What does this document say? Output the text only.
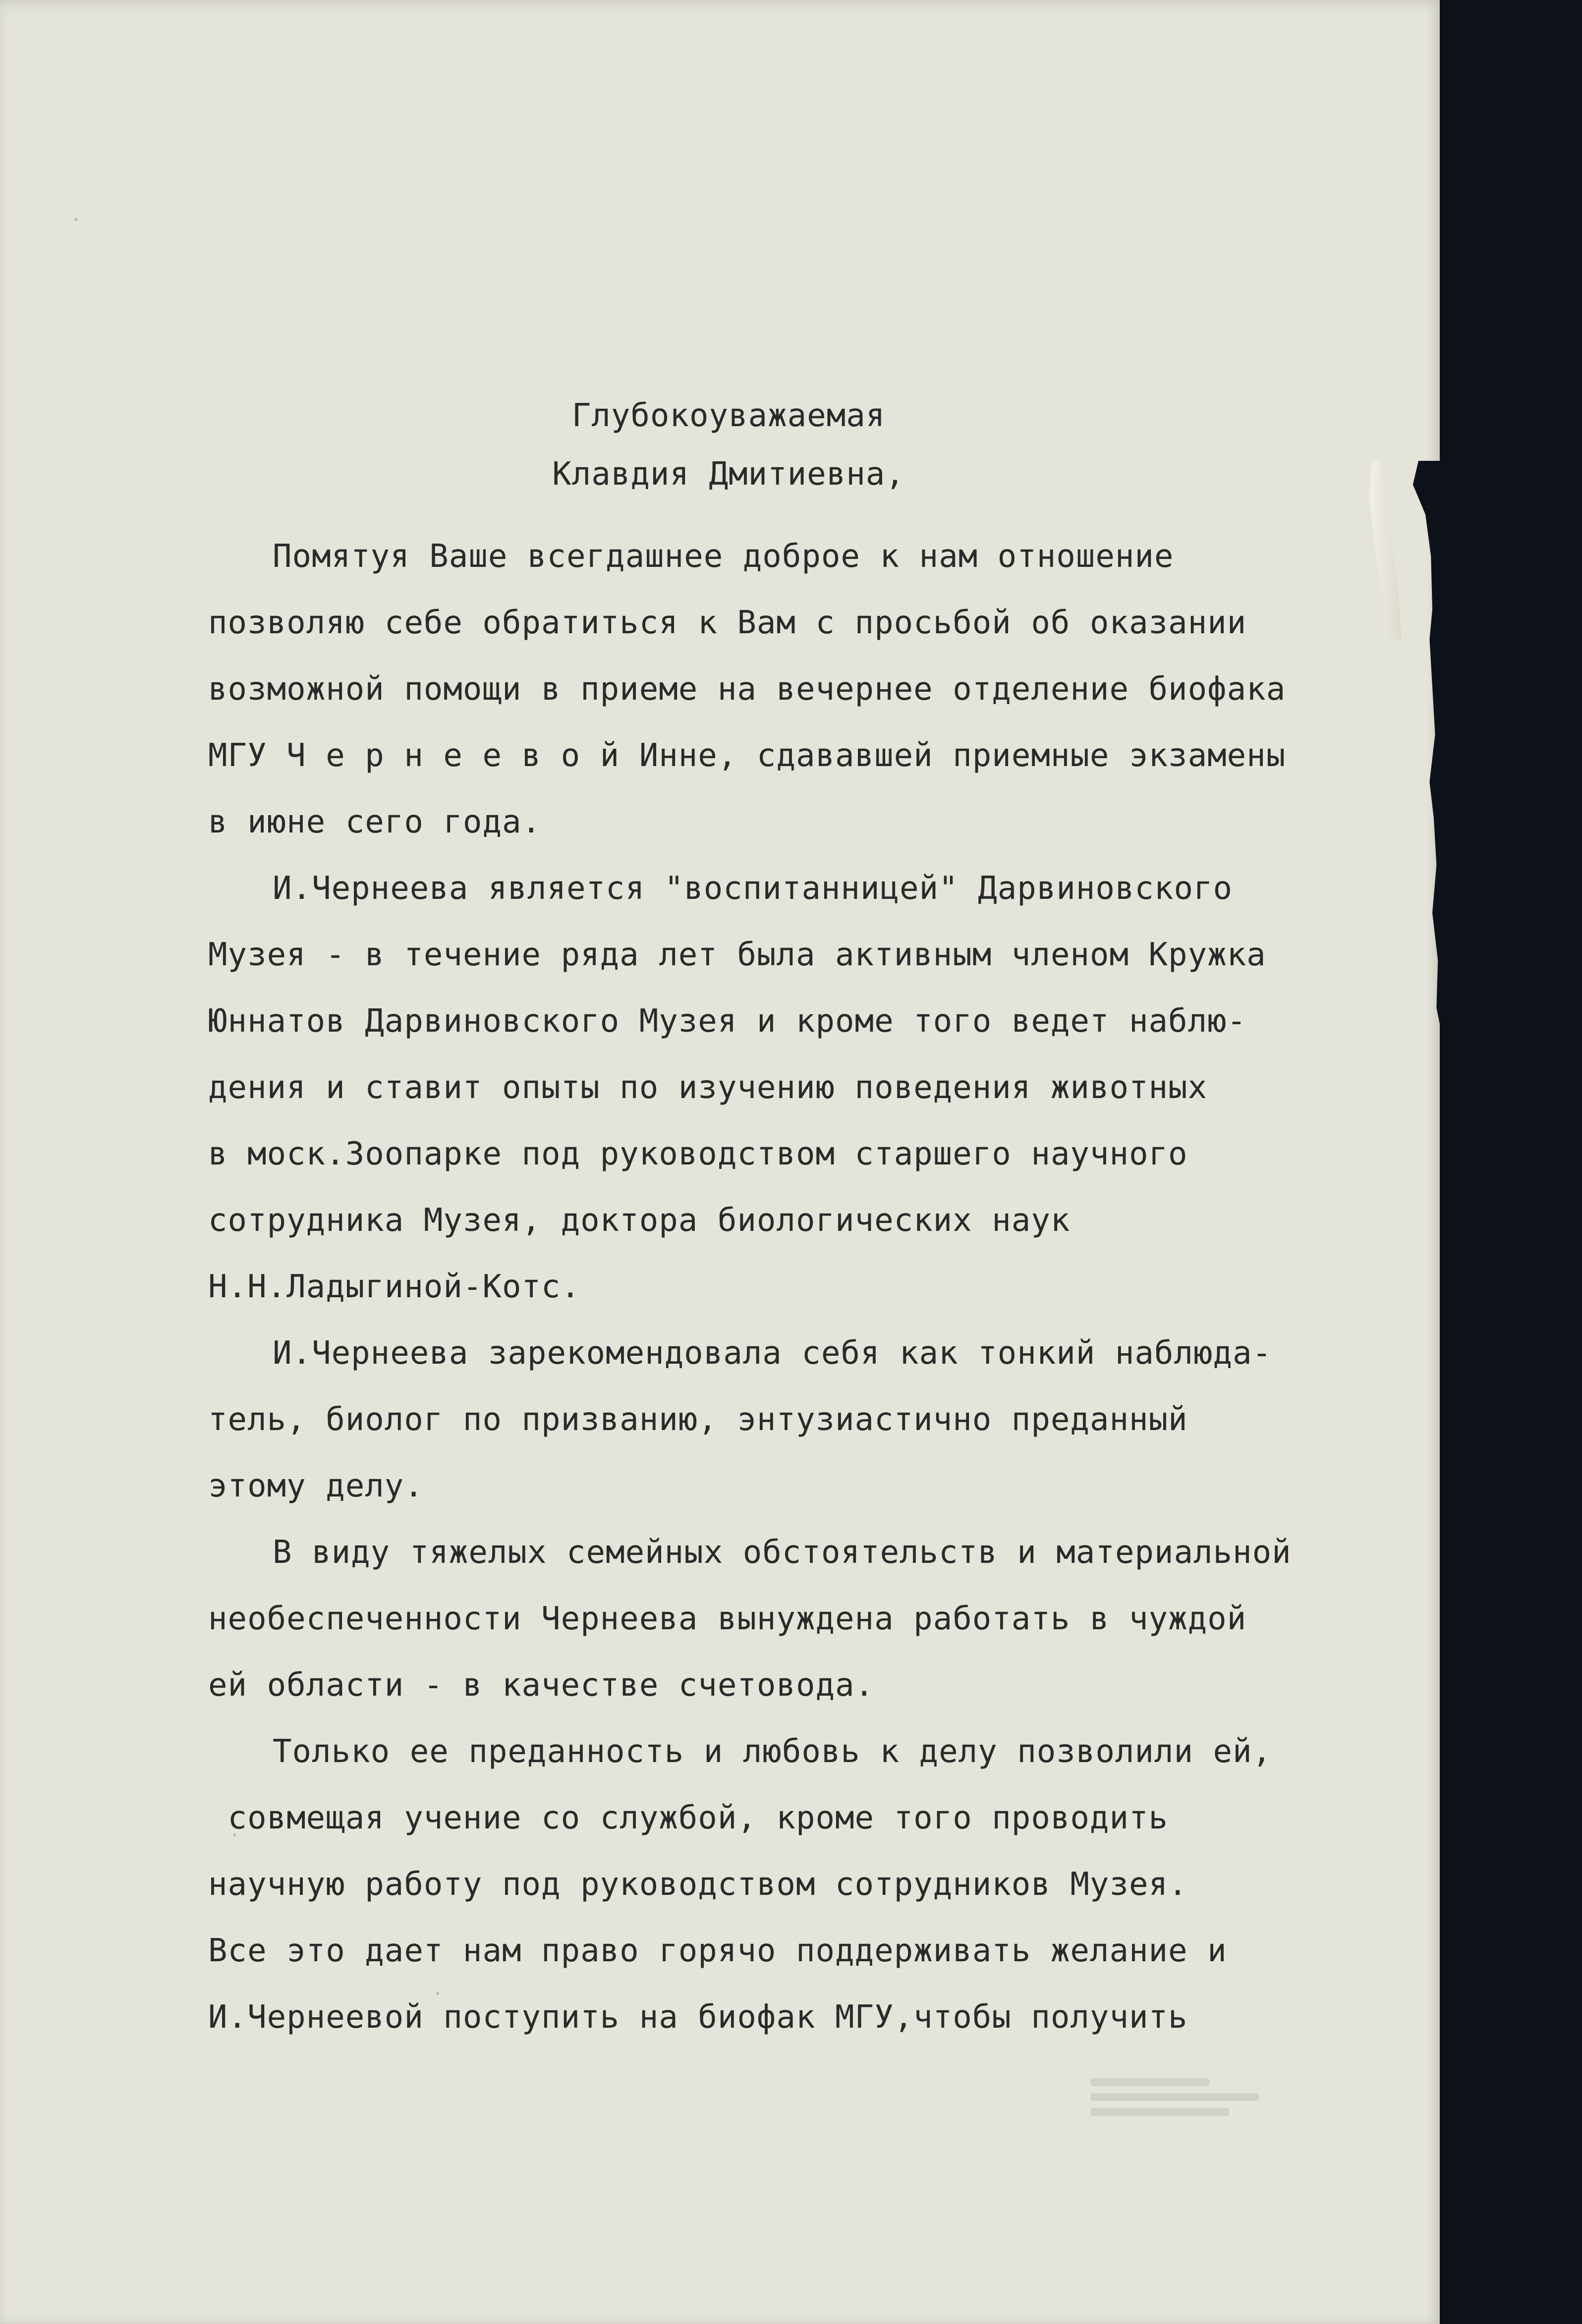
Глубокоуважаемая
Клавдия Дмитиевна,
Помятуя Ваше всегдашнее доброе к нам отношение
позволяю себе обратиться к Вам с просьбой об оказании
возможной помощи в приеме на вечернее отделение биофака
МГУ Ч е р н е е в о й Инне, сдававшей приемные экзамены
в июне сего года.
И.Чернеева является "воспитанницей" Дарвиновского
Музея - в течение ряда лет была активным членом Кружка
Юннатов Дарвиновского Музея и кроме того ведет наблю-
дения и ставит опыты по изучению поведения животных
в моск.Зоопарке под руководством старшего научного
сотрудника Музея, доктора биологических наук
Н.Н.Ладыгиной-Котс.
И.Чернеева зарекомендовала себя как тонкий наблюда-
тель, биолог по призванию, энтузиастично преданный
этому делу.
В виду тяжелых семейных обстоятельств и материальной
необеспеченности Чернеева вынуждена работать в чуждой
ей области - в качестве счетовода.
Только ее преданность и любовь к делу позволили ей,
совмещая учение со службой, кроме того проводить
научную работу под руководством сотрудников Музея.
Все это дает нам право горячо поддерживать желание и
И.Чернеевой поступить на биофак МГУ,чтобы получить
